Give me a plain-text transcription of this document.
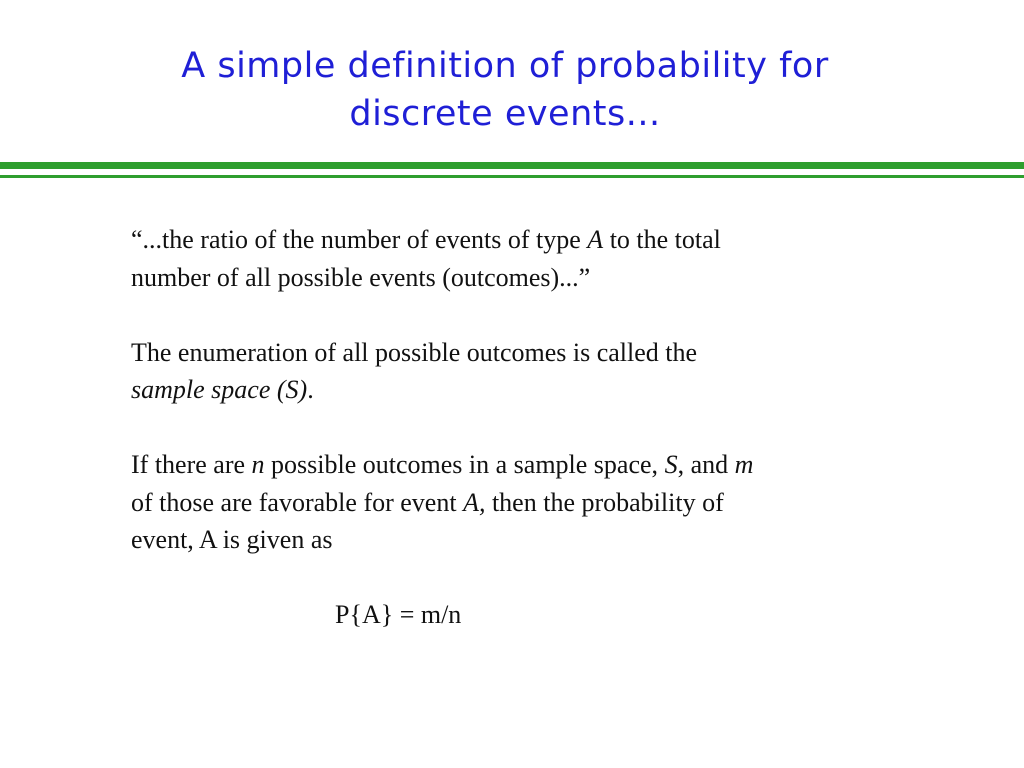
A simple definition of probability for
discrete events...

“...the ratio of the number of events of type A to the total
number of all possible events (outcomes)...”

The enumeration of all possible outcomes is called the
sample space (S).

If there are n possible outcomes in a sample space, S, and m
of those are favorable for event A, then the probability of
event, A is given as

P{A} = m/n
